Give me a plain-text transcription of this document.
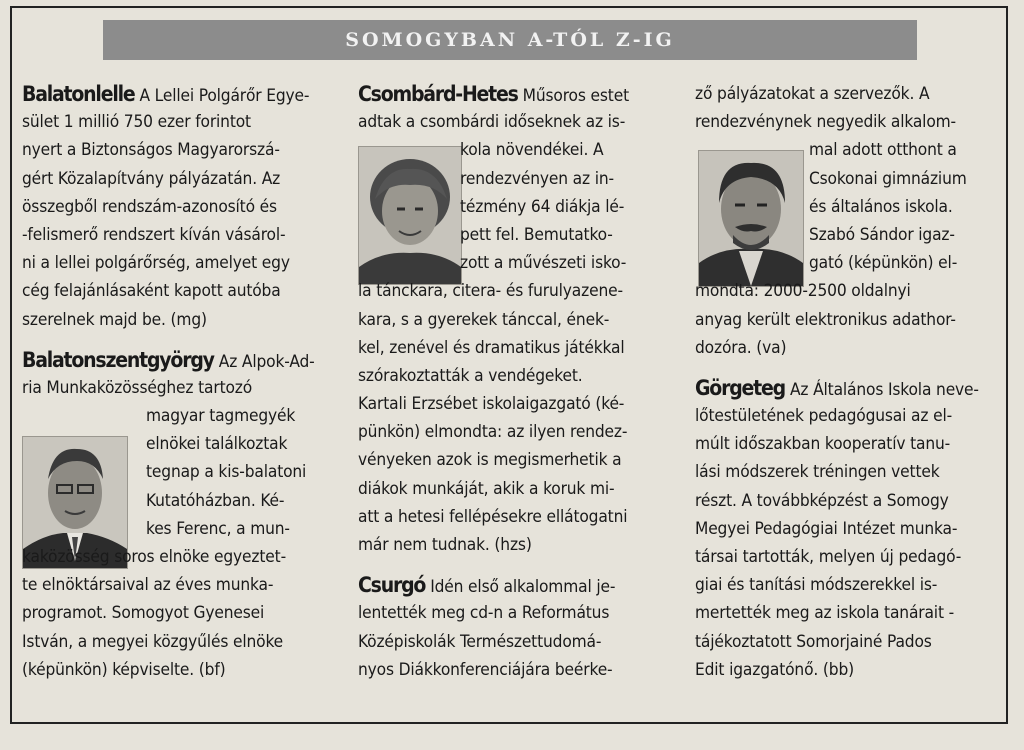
SOMOGYBAN A-TÓL Z-IG
Balatonlelle A Lellei Polgárőr Egye-
sület 1 millió 750 ezer forintot
nyert a Biztonságos Magyarorszá-
gért Közalapítvány pályázatán. Az
összegből rendszám-azonosító és
-felismerő rendszert kíván vásárol-
ni a lellei polgárőrség, amelyet egy
cég felajánlásaként kapott autóba
szerelnek majd be. (mg)
Balatonszentgyörgy Az Alpok-Ad-
ria Munkaközösséghez tartozó
magyar tagmegyék
elnökei találkoztak
tegnap a kis-balatoni
Kutatóházban. Ké-
kes Ferenc, a mun-
kaközösség soros elnöke egyeztet-
te elnöktársaival az éves munka-
programot. Somogyot Gyenesei
István, a megyei közgyűlés elnöke
(képünkön) képviselte. (bf)
Csombárd-Hetes Műsoros estet
adtak a csombárdi időseknek az is-
kola növendékei. A
rendezvényen az in-
tézmény 64 diákja lé-
pett fel. Bemutatko-
zott a művészeti isko-
la tánckara, citera- és furulyazene-
kara, s a gyerekek tánccal, ének-
kel, zenével és dramatikus játékkal
szórakoztatták a vendégeket.
Kartali Erzsébet iskolaigazgató (ké-
pünkön) elmondta: az ilyen rendez-
vényeken azok is megismerhetik a
diákok munkáját, akik a koruk mi-
att a hetesi fellépésekre ellátogatni
már nem tudnak. (hzs)
Csurgó Idén első alkalommal je-
lentették meg cd-n a Református
Középiskolák Természettudomá-
nyos Diákkonferenciájára beérke-
ző pályázatokat a szervezők. A
rendezvénynek negyedik alkalom-
mal adott otthont a
Csokonai gimnázium
és általános iskola.
Szabó Sándor igaz-
gató (képünkön) el-
mondta: 2000-2500 oldalnyi
anyag került elektronikus adathor-
dozóra. (va)
Görgeteg Az Általános Iskola neve-
lőtestületének pedagógusai az el-
múlt időszakban kooperatív tanu-
lási módszerek tréningen vettek
részt. A továbbképzést a Somogy
Megyei Pedagógiai Intézet munka-
társai tartották, melyen új pedagó-
giai és tanítási módszerekkel is-
mertették meg az iskola tanárait -
tájékoztatott Somorjainé Pados
Edit igazgatónő. (bb)
